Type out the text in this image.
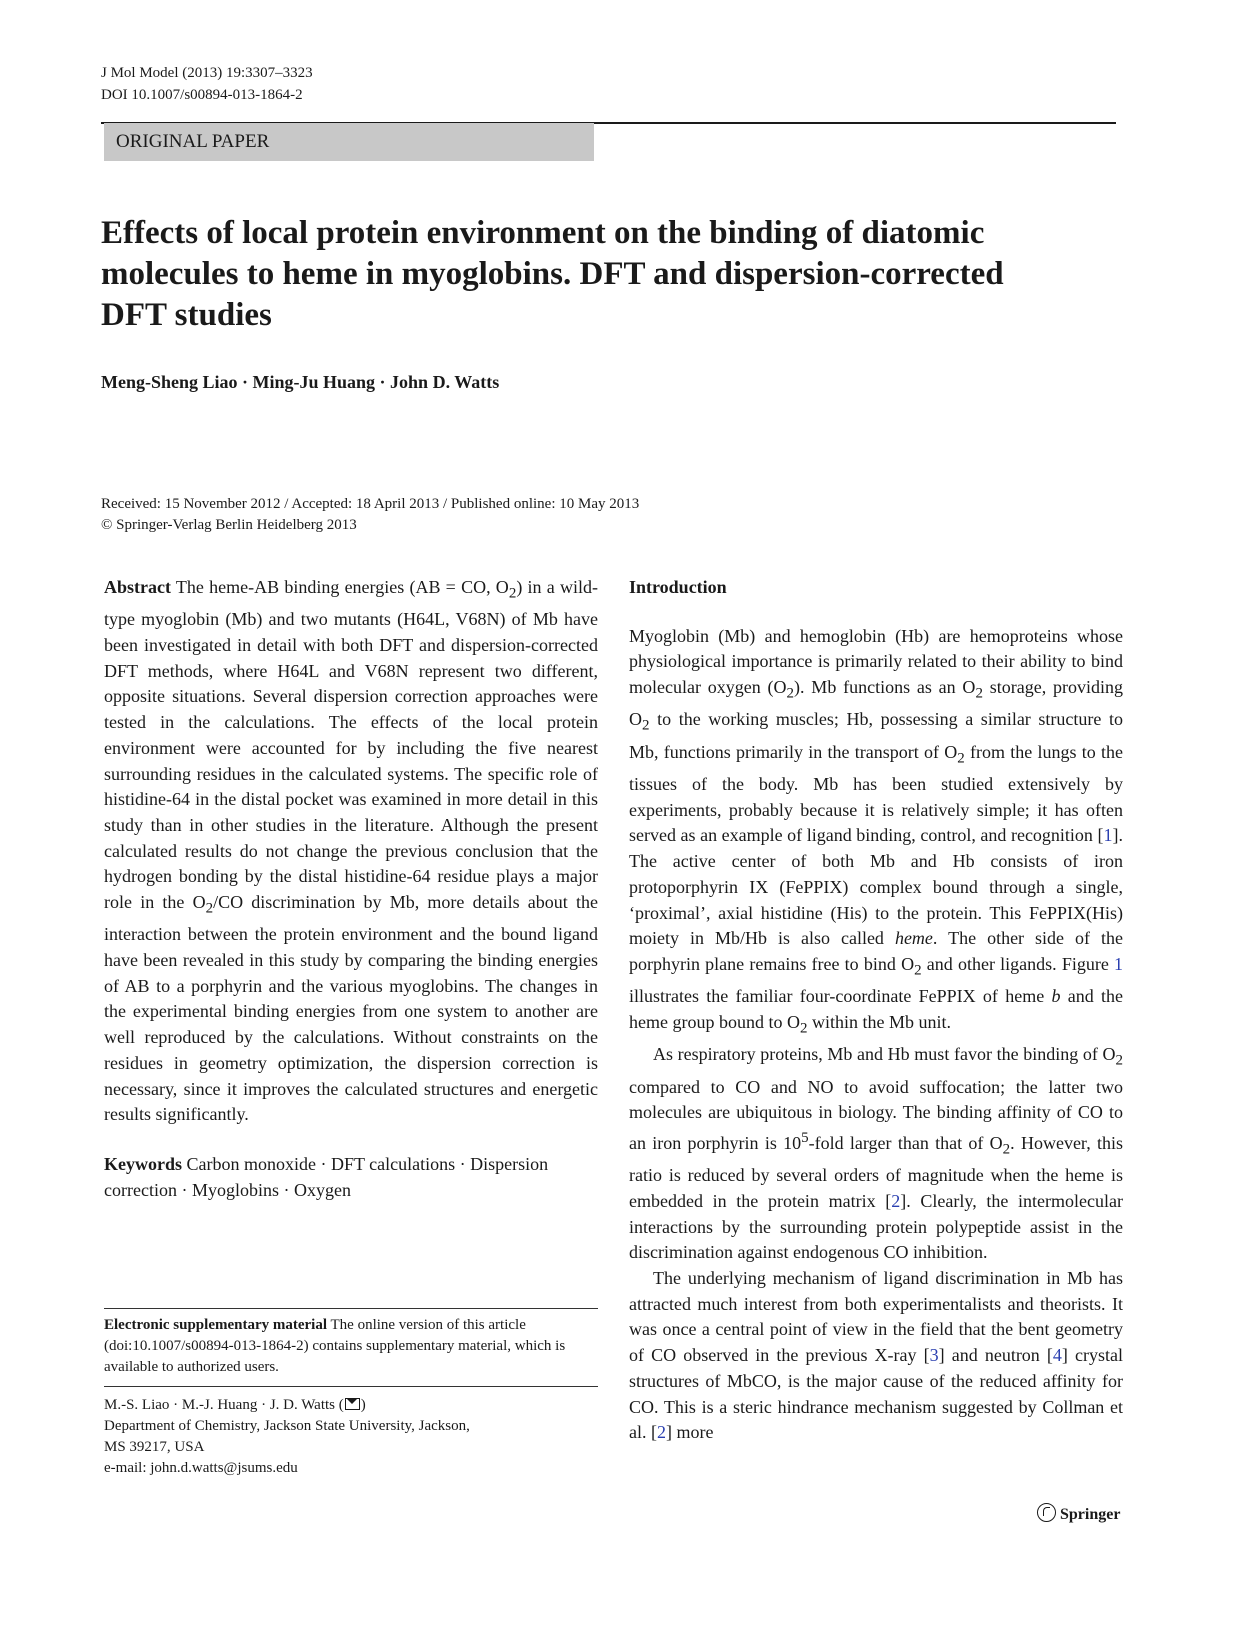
J Mol Model (2013) 19:3307–3323
DOI 10.1007/s00894-013-1864-2
ORIGINAL PAPER
Effects of local protein environment on the binding of diatomic
molecules to heme in myoglobins. DFT and dispersion-corrected
DFT studies
Meng-Sheng Liao · Ming-Ju Huang · John D. Watts
Received: 15 November 2012 / Accepted: 18 April 2013 / Published online: 10 May 2013
© Springer-Verlag Berlin Heidelberg 2013

Abstract The heme-AB binding energies (AB = CO, $O_2$) in a wild-type myoglobin (Mb) and two mutants (H64L, V68N) of Mb have been investigated in detail with both DFT and dispersion-corrected DFT methods, where H64L and V68N represent two different, opposite situations. Several dispersion correction approaches were tested in the calculations. The effects of the local protein environment were accounted for by including the five nearest surrounding residues in the calculated systems. The specific role of histidine-64 in the distal pocket was examined in more detail in this study than in other studies in the literature. Although the present calculated results do not change the previous conclusion that the hydrogen bonding by the distal histidine-64 residue plays a major role in the $O_2/CO$ discrimination by Mb, more details about the interaction between the protein environment and the bound ligand have been revealed in this study by comparing the binding energies of AB to a porphyrin and the various myoglobins. The changes in the experimental binding energies from one system to another are well reproduced by the calculations. Without constraints on the residues in geometry optimization, the dispersion correction is necessary, since it improves the calculated structures and energetic results significantly.

Keywords Carbon monoxide · DFT calculations · Dispersion correction · Myoglobins · Oxygen

Electronic supplementary material The online version of this article (doi:10.1007/s00894-013-1864-2) contains supplementary material, which is available to authorized users.
M.-S. Liao · M.-J. Huang · J. D. Watts ( )
Department of Chemistry, Jackson State University, Jackson,
MS 39217, USA
e-mail: john.d.watts@jsums.edu

Introduction

Myoglobin (Mb) and hemoglobin (Hb) are hemoproteins whose physiological importance is primarily related to their ability to bind molecular oxygen $(O_2)$. Mb functions as an $O_2$ storage, providing $O_2$ to the working muscles; Hb, possessing a similar structure to Mb, functions primarily in the transport of $O_2$ from the lungs to the tissues of the body. Mb has been studied extensively by experiments, probably because it is relatively simple; it has often served as an example of ligand binding, control, and recognition [1]. The active center of both Mb and Hb consists of iron protoporphyrin IX (FePPIX) complex bound through a single, ‘proximal’, axial histidine (His) to the protein. This FePPIX(His) moiety in Mb/Hb is also called heme. The other side of the porphyrin plane remains free to bind $O_2$ and other ligands. Figure 1 illustrates the familiar four-coordinate FePPIX of heme b and the heme group bound to $O_2$ within the Mb unit.

As respiratory proteins, Mb and Hb must favor the binding of $O_2$ compared to CO and NO to avoid suffocation; the latter two molecules are ubiquitous in biology. The binding affinity of CO to an iron porphyrin is $10^5$-fold larger than that of $O_2$. However, this ratio is reduced by several orders of magnitude when the heme is embedded in the protein matrix [2]. Clearly, the intermolecular interactions by the surrounding protein polypeptide assist in the discrimination against endogenous CO inhibition.

The underlying mechanism of ligand discrimination in Mb has attracted much interest from both experimentalists and theorists. It was once a central point of view in the field that the bent geometry of CO observed in the previous X-ray [3] and neutron [4] crystal structures of MbCO, is the major cause of the reduced affinity for CO. This is a steric hindrance mechanism suggested by Collman et al. [2] more

Springer
